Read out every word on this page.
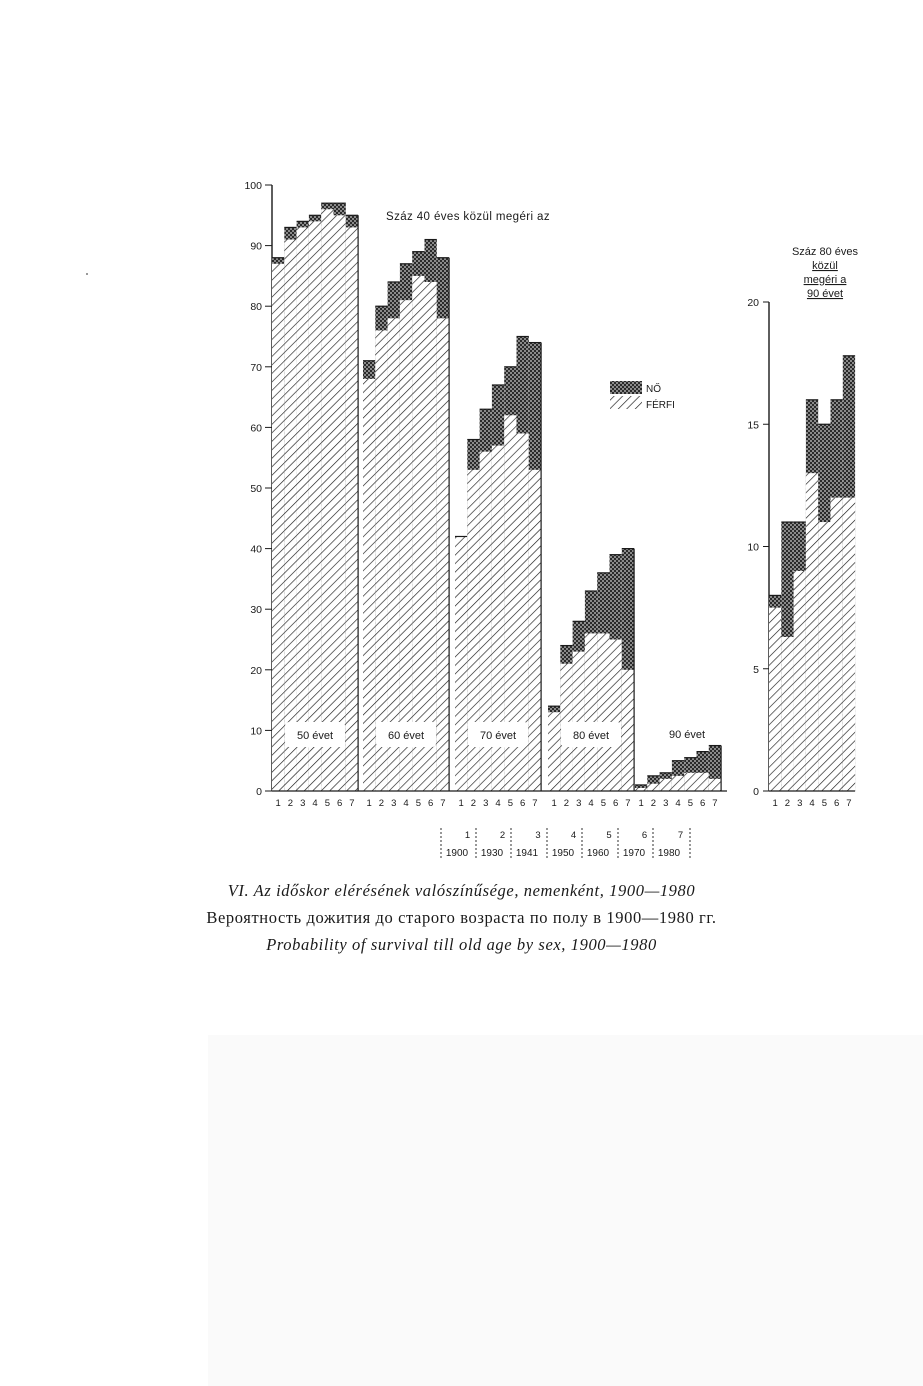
0
10
20
30
40
50
60
70
80
90
100
50 évet	60 évet	70 évet	80 évet	90 évet
1 2 3 4 5 6 7 1 2 3 4 5 6 7 1 2 3 4 5 6 7 1 2 3 4 5 6 7 1 2 3 4 5 6 7
Száz 40 éves közül megéri az
NŐ
FÉRFI
Száz 80 éves
közül
megéri a
90 évet
0
5
10
15
20
1 2 3 4 5 6 7
1
1900
2
1930
3
1941
4
1950
5
1960
6
1970
7
1980
VI. Az időskor elérésének valószínűsége, nemenként, 1900—1980
Вероятность дожития до старого возраста по полу в 1900—1980 гг.
Probability of survival till old age by sex, 1900—1980
